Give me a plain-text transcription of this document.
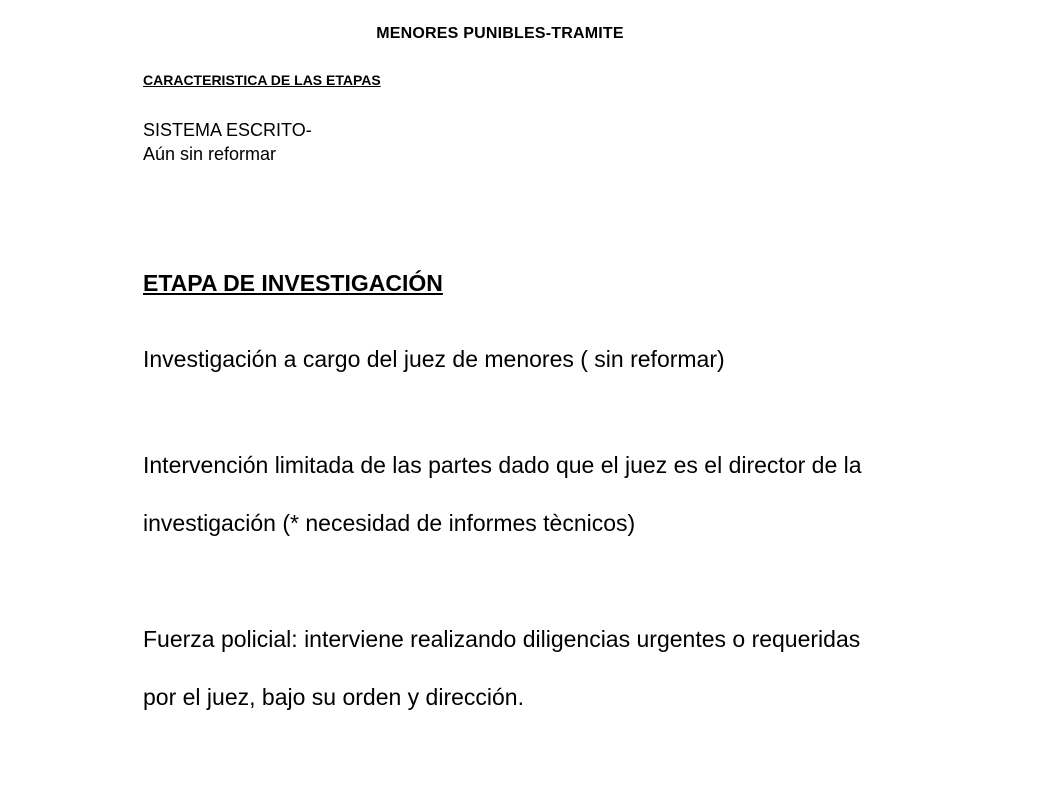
MENORES PUNIBLES-TRAMITE
CARACTERISTICA DE LAS ETAPAS
SISTEMA ESCRITO-
Aún sin reformar
ETAPA DE INVESTIGACIÓN
Investigación a cargo del juez de menores ( sin reformar)
Intervención limitada de las partes dado que el juez es el director de la investigación (* necesidad de informes tècnicos)
Fuerza policial: interviene realizando diligencias urgentes o requeridas por el juez, bajo su orden y dirección.
